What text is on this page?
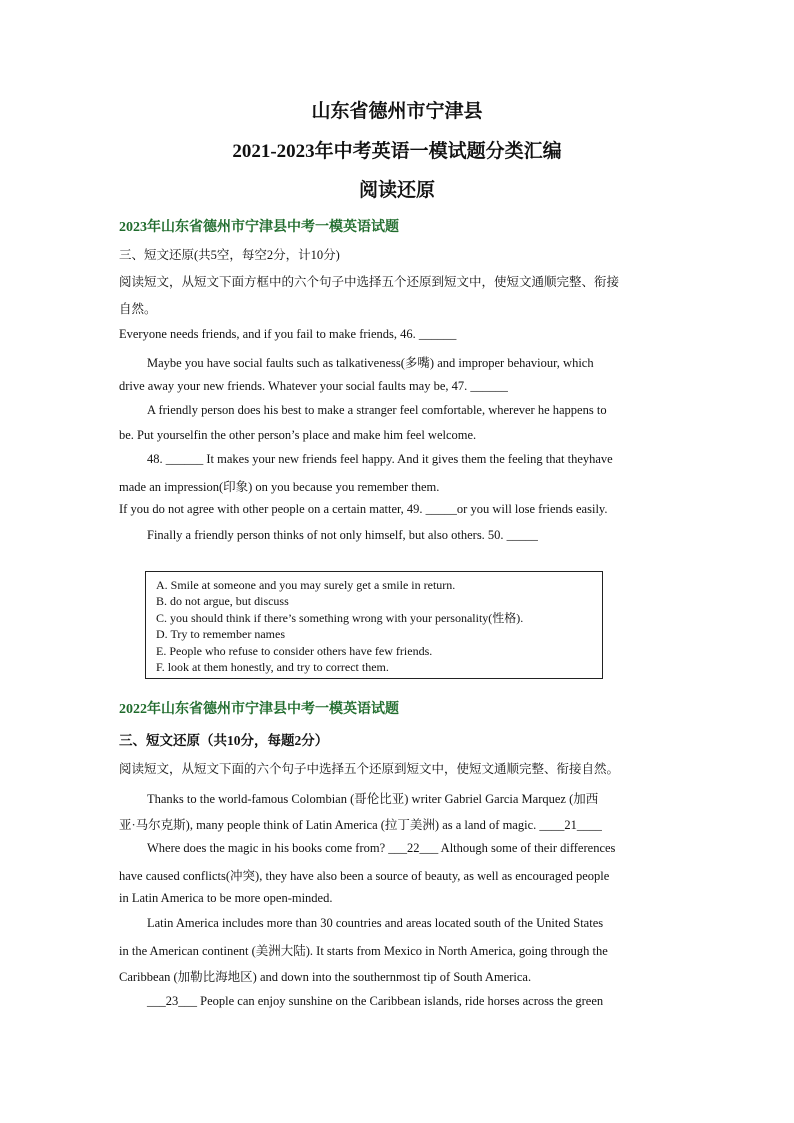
山东省德州市宁津县
2021-2023年中考英语一模试题分类汇编
阅读还原
2023年山东省德州市宁津县中考一模英语试题
三、短文还原(共5空，每空2分，计10分)
阅读短文，从短文下面方框中的六个句子中选择五个还原到短文中，使短文通顺完整、衔接
自然。
Everyone needs friends, and if you fail to make friends, 46. ______
Maybe you have social faults such as talkativeness(多嘴) and improper behaviour, which
drive away your new friends. Whatever your social faults may be, 47. ______
A friendly person does his best to make a stranger feel comfortable, wherever he happens to
be. Put yourselfin the other person’s place and make him feel welcome.
48. ______ It makes your new friends feel happy. And it gives them the feeling that theyhave
made an impression(印象) on you because you remember them.
If you do not agree with other people on a certain matter, 49. _____or you will lose friends easily.
Finally a friendly person thinks of not only himself, but also others. 50. _____
A. Smile at someone and you may surely get a smile in return.
B. do not argue, but discuss
C. you should think if there’s something wrong with your personality(性格).
D. Try to remember names
E. People who refuse to consider others have few friends.
F. look at them honestly, and try to correct them.
2022年山东省德州市宁津县中考一模英语试题
三、短文还原（共10分，每题2分）
阅读短文，从短文下面的六个句子中选择五个还原到短文中，使短文通顺完整、衔接自然。
Thanks to the world-famous Colombian (哥伦比亚) writer Gabriel Garcia Marquez (加西
亚·马尔克斯), many people think of Latin America (拉丁美洲) as a land of magic. ____21____
Where does the magic in his books come from? ___22___ Although some of their differences
have caused conflicts(冲突), they have also been a source of beauty, as well as encouraged people
in Latin America to be more open-minded.
Latin America includes more than 30 countries and areas located south of the United States
in the American continent (美洲大陆). It starts from Mexico in North America, going through the
Caribbean (加勒比海地区) and down into the southernmost tip of South America.
___23___ People can enjoy sunshine on the Caribbean islands, ride horses across the green
